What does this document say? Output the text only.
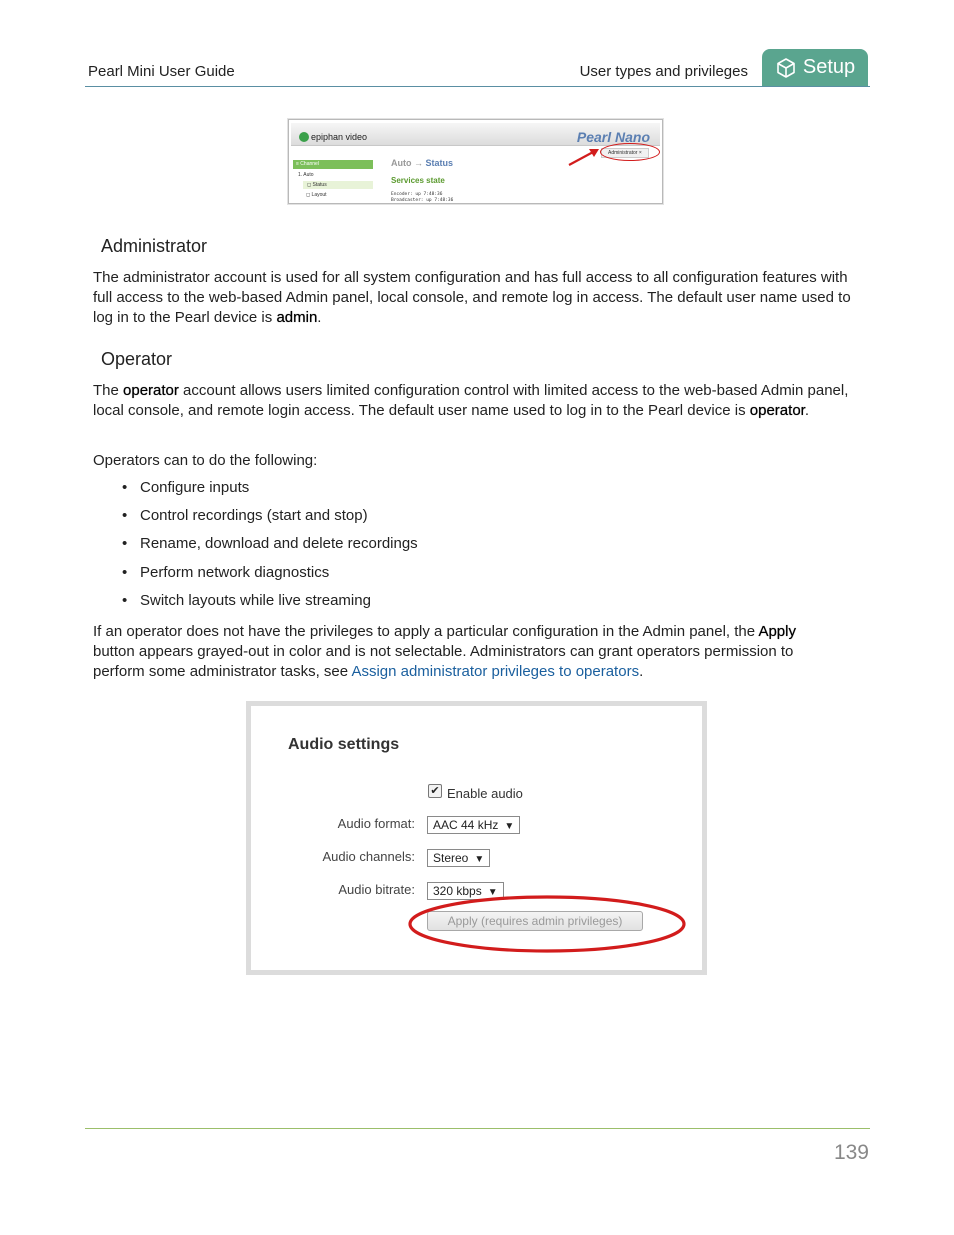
Pearl Mini User Guide	User types and privileges	Setup
epiphan video	Pearl Nano
Administrator ×
≡ Channel
1. Auto
◻ Status
◻ Layout
Auto → Status
Services state
Encoder: up 7:48:36
Broadcaster: up 7:48:36
Administrator
The administrator account is used for all system configuration and has full access to all configuration features with full access to the web-based Admin panel, local console, and remote log in access. The default user name used to log in to the Pearl device is admin.
Operator
The operator account allows users limited configuration control with limited access to the web-based Admin panel, local console, and remote login access. The default user name used to log in to the Pearl device is operator.
Operators can to do the following:
• Configure inputs
• Control recordings (start and stop)
• Rename, download and delete recordings
• Perform network diagnostics
• Switch layouts while live streaming
If an operator does not have the privileges to apply a particular configuration in the Admin panel, the Apply button appears grayed-out in color and is not selectable. Administrators can grant operators permission to perform some administrator tasks, see Assign administrator privileges to operators.
Audio settings
✔ Enable audio
Audio format:	AAC 44 kHz ▼
Audio channels:	Stereo ▼
Audio bitrate:	320 kbps ▼
Apply (requires admin privileges)
139
